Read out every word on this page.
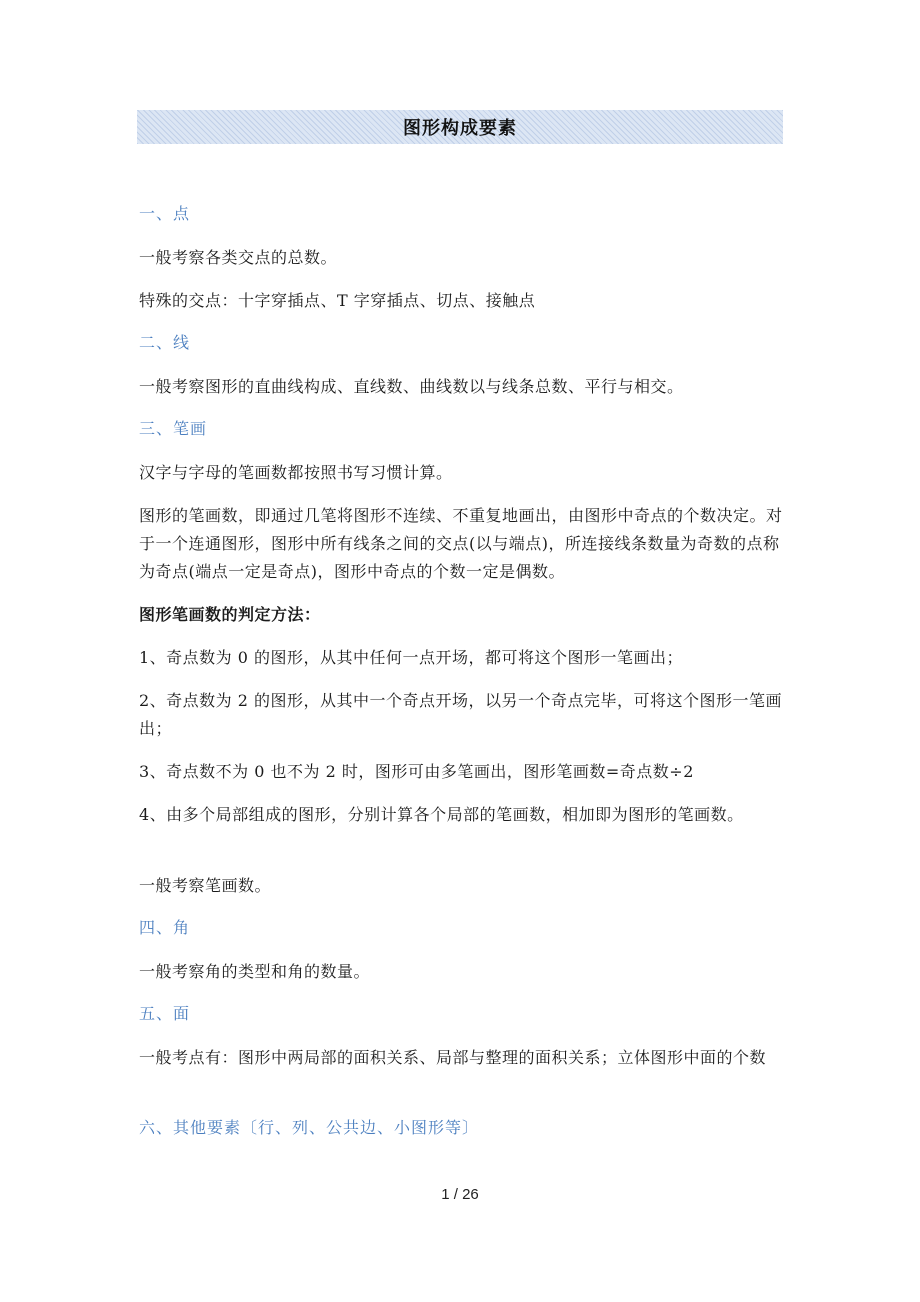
图形构成要素
一、点
一般考察各类交点的总数。
特殊的交点：十字穿插点、T 字穿插点、切点、接触点
二、线
一般考察图形的直曲线构成、直线数、曲线数以与线条总数、平行与相交。
三、笔画
汉字与字母的笔画数都按照书写习惯计算。
图形的笔画数，即通过几笔将图形不连续、不重复地画出，由图形中奇点的个数决定。对于一个连通图形，图形中所有线条之间的交点(以与端点)，所连接线条数量为奇数的点称为奇点(端点一定是奇点)，图形中奇点的个数一定是偶数。
图形笔画数的判定方法：
1、奇点数为 0 的图形，从其中任何一点开场，都可将这个图形一笔画出；
2、奇点数为 2 的图形，从其中一个奇点开场，以另一个奇点完毕，可将这个图形一笔画出；
3、奇点数不为 0 也不为 2 时，图形可由多笔画出，图形笔画数=奇点数÷2
4、由多个局部组成的图形，分别计算各个局部的笔画数，相加即为图形的笔画数。
一般考察笔画数。
四、角
一般考察角的类型和角的数量。
五、面
一般考点有：图形中两局部的面积关系、局部与整理的面积关系；立体图形中面的个数
六、其他要素〔行、列、公共边、小图形等〕
1 / 26
